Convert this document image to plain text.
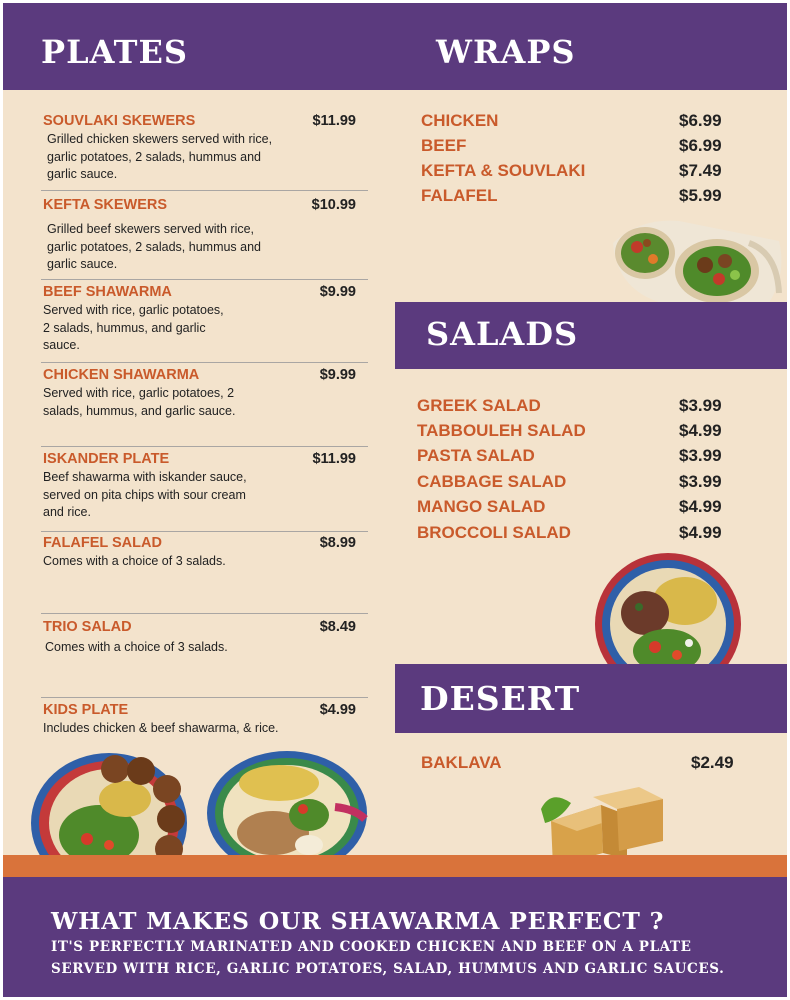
PLATES	WRAPS
SOUVLAKI SKEWERS	$11.99
Grilled chicken skewers served with rice, garlic potatoes, 2 salads, hummus and garlic sauce.
KEFTA SKEWERS	$10.99
Grilled beef skewers served with rice, garlic potatoes, 2 salads, hummus and garlic sauce.
BEEF SHAWARMA	$9.99
Served with rice, garlic potatoes, 2 salads, hummus, and garlic sauce.
CHICKEN SHAWARMA	$9.99
Served with rice, garlic potatoes, 2 salads, hummus, and garlic sauce.
ISKANDER PLATE	$11.99
Beef shawarma with iskander sauce, served on pita chips with sour cream and rice.
FALAFEL SALAD	$8.99
Comes with a choice of 3 salads.
TRIO SALAD	$8.49
Comes with a choice of 3 salads.
KIDS PLATE	$4.99
Includes chicken & beef shawarma, & rice.
CHICKEN	$6.99
BEEF	$6.99
KEFTA & SOUVLAKI	$7.49
FALAFEL	$5.99
SALADS
GREEK SALAD	$3.99
TABBOULEH SALAD	$4.99
PASTA SALAD	$3.99
CABBAGE SALAD	$3.99
MANGO SALAD	$4.99
BROCCOLI SALAD	$4.99
DESERT
BAKLAVA	$2.49
WHAT MAKES OUR SHAWARMA PERFECT ?
IT'S PERFECTLY MARINATED AND COOKED CHICKEN AND BEEF ON A PLATE
SERVED WITH RICE, GARLIC POTATOES, SALAD, HUMMUS AND GARLIC SAUCES.
